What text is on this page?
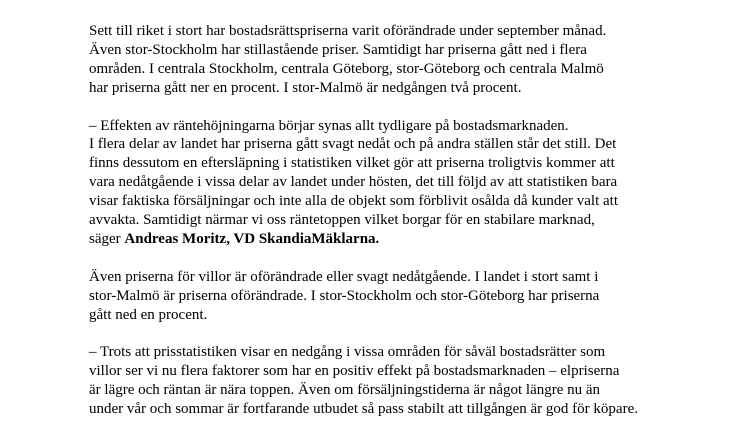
Sett till riket i stort har bostadsrättspriserna varit oförändrade under september månad.
Även stor-Stockholm har stillastående priser. Samtidigt har priserna gått ned i flera
områden. I centrala Stockholm, centrala Göteborg, stor-Göteborg och centrala Malmö
har priserna gått ner en procent. I stor-Malmö är nedgången två procent.

– Effekten av räntehöjningarna börjar synas allt tydligare på bostadsmarknaden.
I flera delar av landet har priserna gått svagt nedåt och på andra ställen står det still. Det
finns dessutom en eftersläpning i statistiken vilket gör att priserna troligtvis kommer att
vara nedåtgående i vissa delar av landet under hösten, det till följd av att statistiken bara
visar faktiska försäljningar och inte alla de objekt som förblivit osålda då kunder valt att
avvakta. Samtidigt närmar vi oss räntetoppen vilket borgar för en stabilare marknad,
säger Andreas Moritz, VD SkandiaMäklarna.

Även priserna för villor är oförändrade eller svagt nedåtgående. I landet i stort samt i
stor-Malmö är priserna oförändrade. I stor-Stockholm och stor-Göteborg har priserna
gått ned en procent.

– Trots att prisstatistiken visar en nedgång i vissa områden för såväl bostadsrätter som
villor ser vi nu flera faktorer som har en positiv effekt på bostadsmarknaden – elpriserna
är lägre och räntan är nära toppen. Även om försäljningstiderna är något längre nu än
under vår och sommar är fortfarande utbudet så pass stabilt att tillgången är god för köpare.
